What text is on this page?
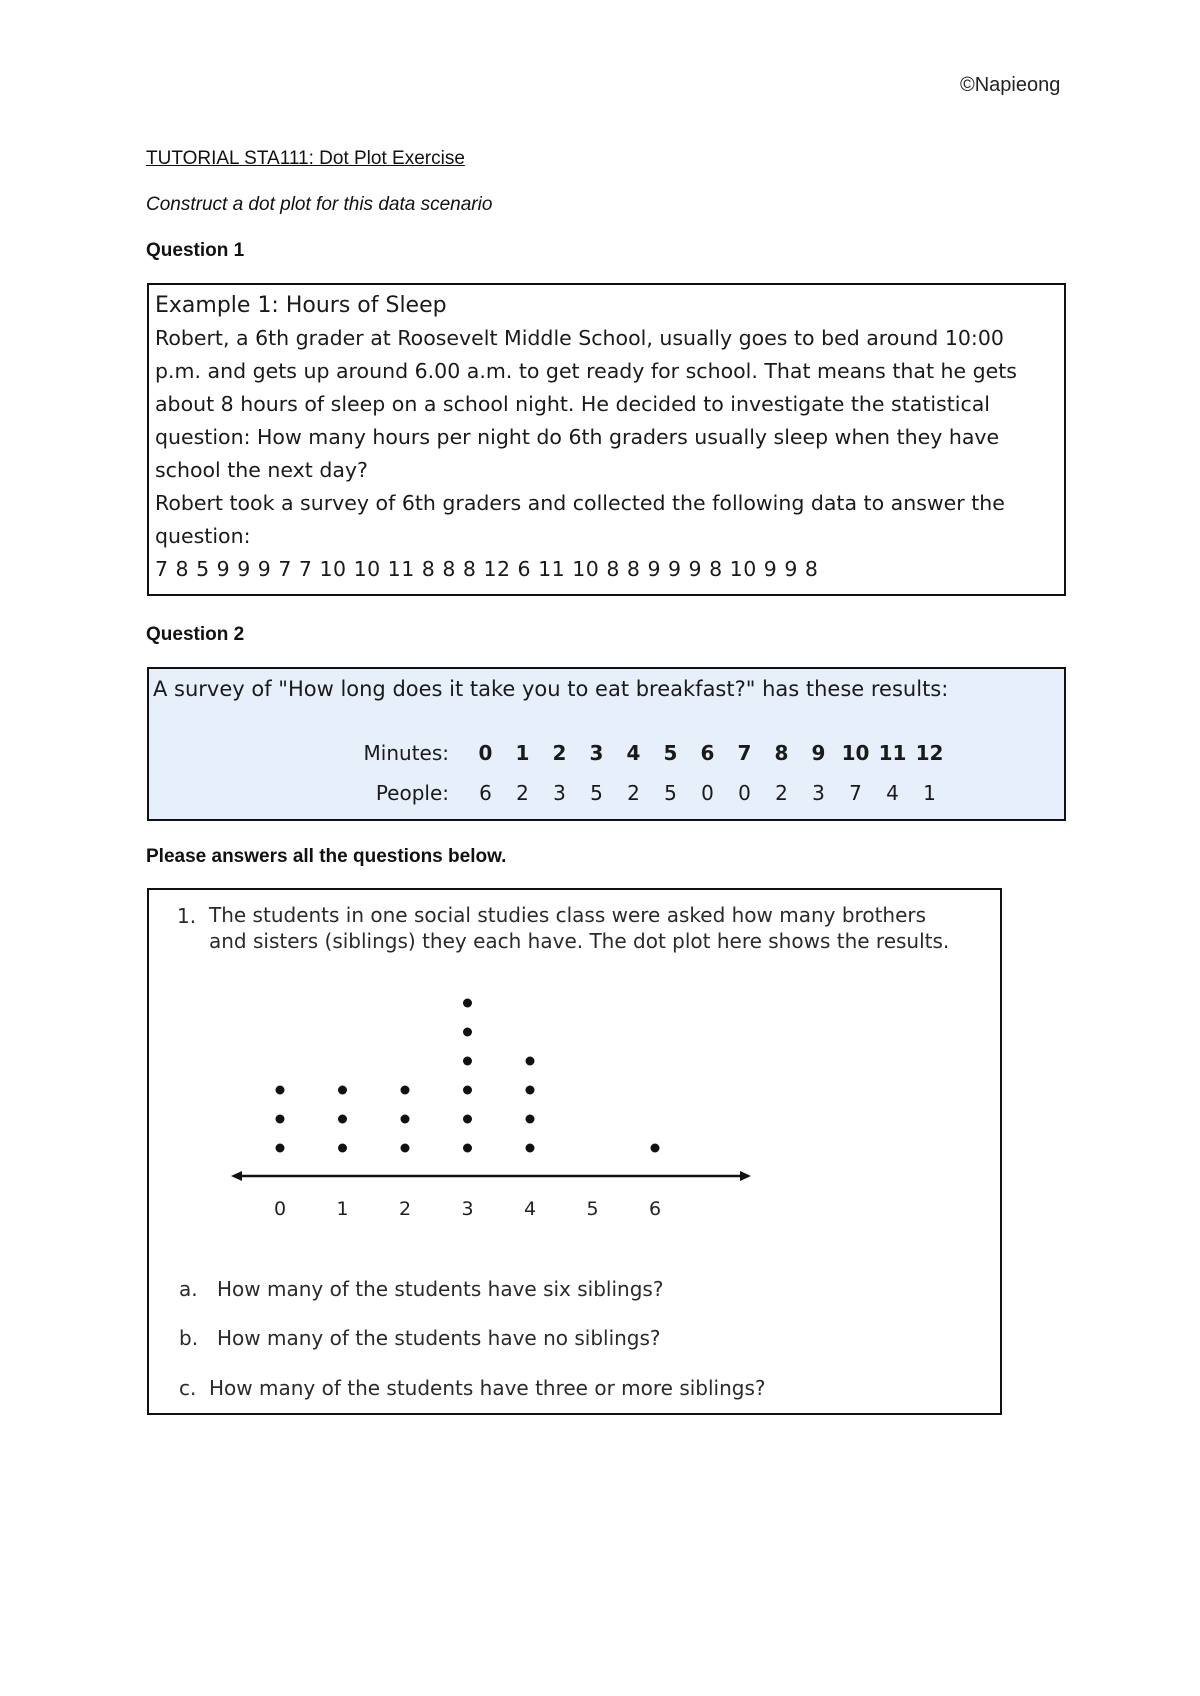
©Napieong
TUTORIAL STA111: Dot Plot Exercise
Construct a dot plot for this data scenario
Question 1
Example 1: Hours of Sleep
Robert, a 6th grader at Roosevelt Middle School, usually goes to bed around 10:00
p.m. and gets up around 6.00 a.m. to get ready for school. That means that he gets
about 8 hours of sleep on a school night. He decided to investigate the statistical
question: How many hours per night do 6th graders usually sleep when they have
school the next day?
Robert took a survey of 6th graders and collected the following data to answer the
question:
7 8 5 9 9 9 7 7 10 10 11 8 8 8 12 6 11 10 8 8 9 9 9 8 10 9 9 8
Question 2
A survey of "How long does it take you to eat breakfast?" has these results:
Minutes:	0	1	2	3	4	5	6	7	8	9	10	11	12
People:	6	2	3	5	2	5	0	0	2	3	7	4	1
Please answers all the questions below.
1. The students in one social studies class were asked how many brothers and sisters (siblings) they each have. The dot plot here shows the results.
0	1	2	3	4	5	6
a. How many of the students have six siblings?
b. How many of the students have no siblings?
c. How many of the students have three or more siblings?
